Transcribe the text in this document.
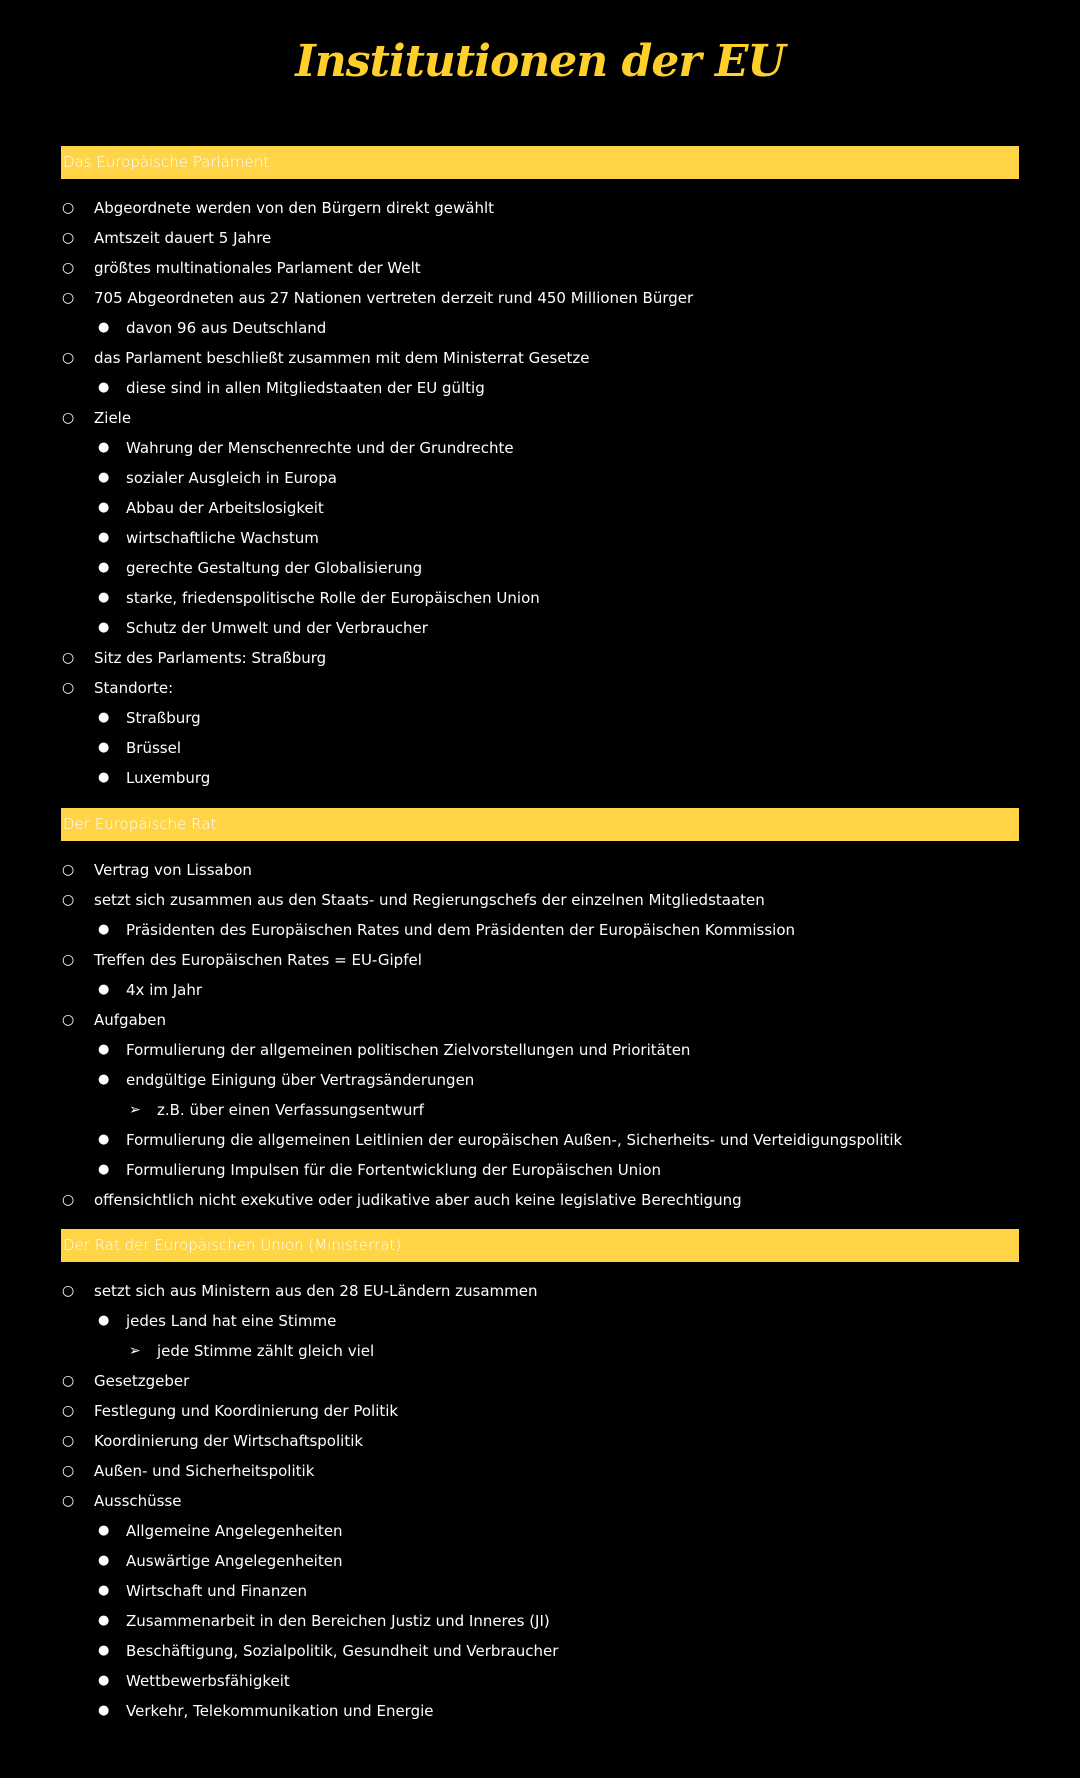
Institutionen der EU
Das Europäische Parlament
○ Abgeordnete werden von den Bürgern direkt gewählt
○ Amtszeit dauert 5 Jahre
○ größtes multinationales Parlament der Welt
○ 705 Abgeordneten aus 27 Nationen vertreten derzeit rund 450 Millionen Bürger
● davon 96 aus Deutschland
○ das Parlament beschließt zusammen mit dem Ministerrat Gesetze
● diese sind in allen Mitgliedstaaten der EU gültig
○ Ziele
● Wahrung der Menschenrechte und der Grundrechte
● sozialer Ausgleich in Europa
● Abbau der Arbeitslosigkeit
● wirtschaftliche Wachstum
● gerechte Gestaltung der Globalisierung
● starke, friedenspolitische Rolle der Europäischen Union
● Schutz der Umwelt und der Verbraucher
○ Sitz des Parlaments: Straßburg
○ Standorte:
● Straßburg
● Brüssel
● Luxemburg
Der Europäische Rat
○ Vertrag von Lissabon
○ setzt sich zusammen aus den Staats- und Regierungschefs der einzelnen Mitgliedstaaten
● Präsidenten des Europäischen Rates und dem Präsidenten der Europäischen Kommission
○ Treffen des Europäischen Rates = EU-Gipfel
● 4x im Jahr
○ Aufgaben
● Formulierung der allgemeinen politischen Zielvorstellungen und Prioritäten
● endgültige Einigung über Vertragsänderungen
➢ z.B. über einen Verfassungsentwurf
● Formulierung die allgemeinen Leitlinien der europäischen Außen-, Sicherheits- und Verteidigungspolitik
● Formulierung Impulsen für die Fortentwicklung der Europäischen Union
○ offensichtlich nicht exekutive oder judikative aber auch keine legislative Berechtigung
Der Rat der Europäischen Union (Ministerrat)
○ setzt sich aus Ministern aus den 28 EU-Ländern zusammen
● jedes Land hat eine Stimme
➢ jede Stimme zählt gleich viel
○ Gesetzgeber
○ Festlegung und Koordinierung der Politik
○ Koordinierung der Wirtschaftspolitik
○ Außen- und Sicherheitspolitik
○ Ausschüsse
● Allgemeine Angelegenheiten
● Auswärtige Angelegenheiten
● Wirtschaft und Finanzen
● Zusammenarbeit in den Bereichen Justiz und Inneres (JI)
● Beschäftigung, Sozialpolitik, Gesundheit und Verbraucher
● Wettbewerbsfähigkeit
● Verkehr, Telekommunikation und Energie
